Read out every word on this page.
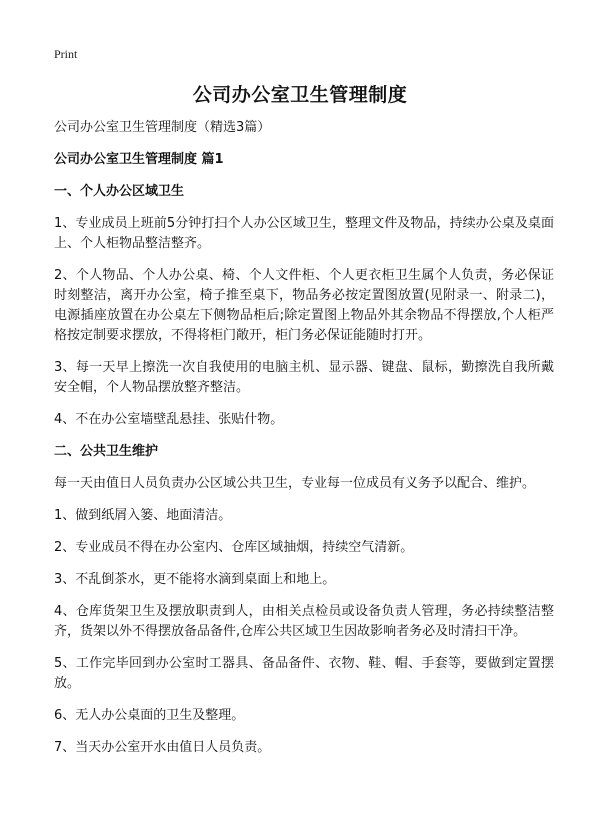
Print
公司办公室卫生管理制度

公司办公室卫生管理制度（精选3篇）

公司办公室卫生管理制度 篇1

一、个人办公区域卫生

1、专业成员上班前5分钟打扫个人办公区域卫生，整理文件及物品，持续办公桌及桌面上、个人柜物品整洁整齐。

2、个人物品、个人办公桌、椅、个人文件柜、个人更衣柜卫生属个人负责，务必保证时刻整洁，离开办公室，椅子推至桌下，物品务必按定置图放置(见附录一、附录二)，电源插座放置在办公桌左下侧物品柜后;除定置图上物品外其余物品不得摆放,个人柜严格按定制要求摆放，不得将柜门敞开，柜门务必保证能随时打开。

3、每一天早上擦洗一次自我使用的电脑主机、显示器、键盘、鼠标，勤擦洗自我所戴安全帽，个人物品摆放整齐整洁。

4、不在办公室墙壁乱悬挂、张贴什物。

二、公共卫生维护

每一天由值日人员负责办公区域公共卫生，专业每一位成员有义务予以配合、维护。

1、做到纸屑入篓、地面清洁。

2、专业成员不得在办公室内、仓库区域抽烟，持续空气清新。

3、不乱倒茶水，更不能将水滴到桌面上和地上。

4、仓库货架卫生及摆放职责到人，由相关点检员或设备负责人管理，务必持续整洁整齐，货架以外不得摆放备品备件,仓库公共区域卫生因故影响者务必及时清扫干净。

5、工作完毕回到办公室时工器具、备品备件、衣物、鞋、帽、手套等，要做到定置摆放。

6、无人办公桌面的卫生及整理。

7、当天办公室开水由值日人员负责。
